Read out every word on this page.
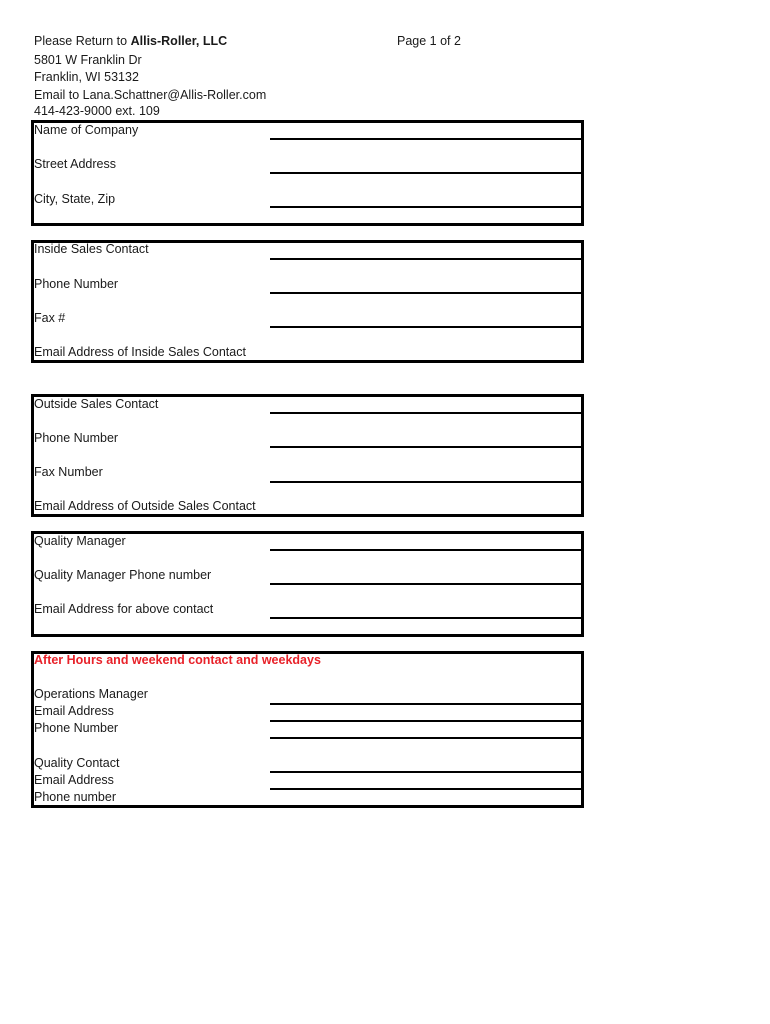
Please Return to Allis-Roller, LLC	Page 1 of 2
5801 W Franklin Dr
Franklin, WI 53132
Email to Lana.Schattner@Allis-Roller.com
414-423-9000 ext. 109
Name of Company
Street Address
City, State, Zip
Inside Sales Contact
Phone Number
Fax #
Email Address of Inside Sales Contact
Outside Sales Contact
Phone Number
Fax Number
Email Address of Outside Sales Contact
Quality Manager
Quality Manager Phone number
Email Address for above contact
After Hours and weekend contact and weekdays
Operations Manager
Email Address
Phone Number
Quality Contact
Email Address
Phone number
